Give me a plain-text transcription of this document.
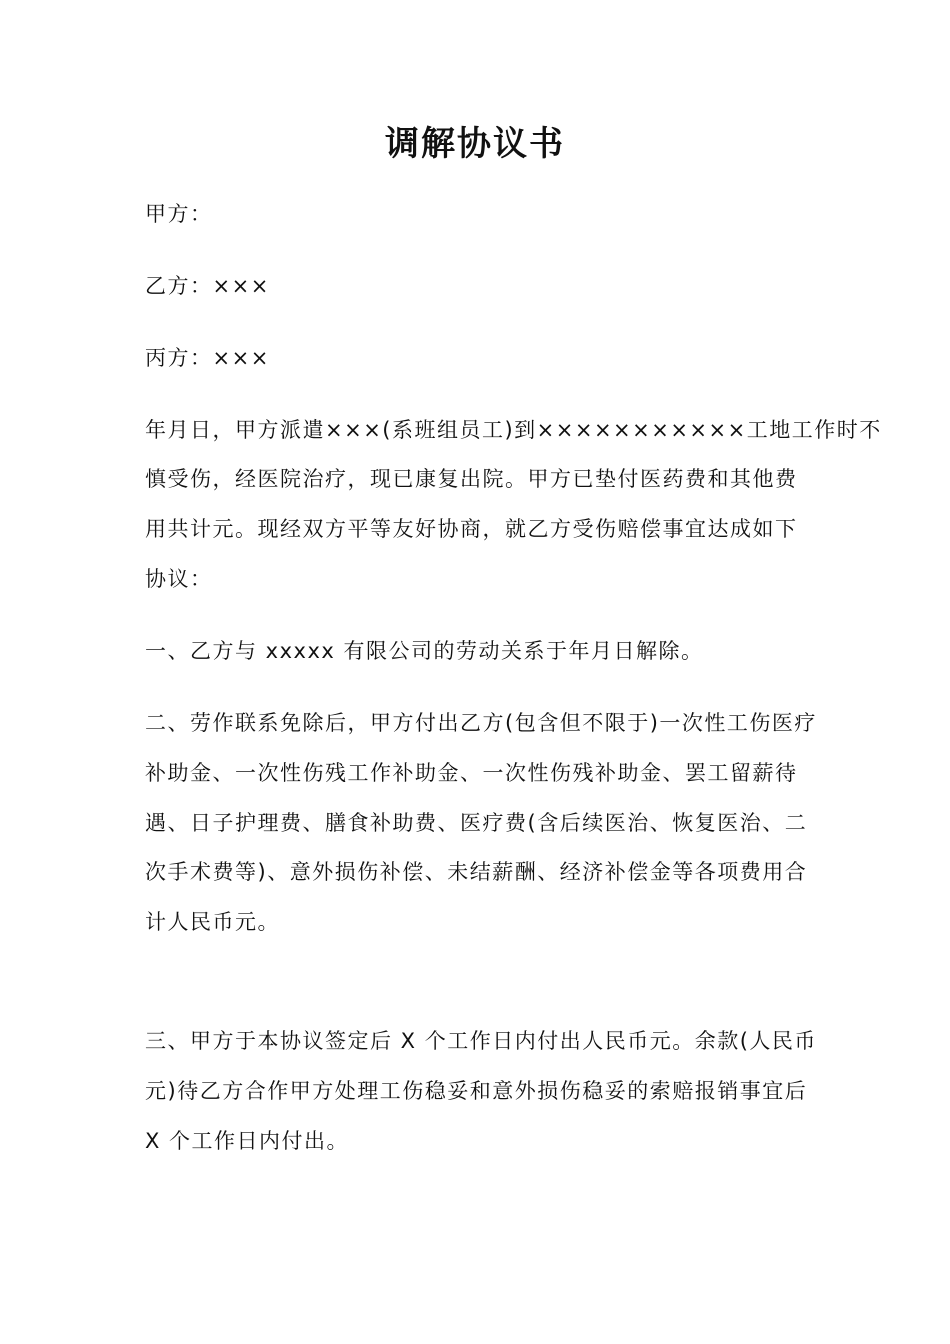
调解协议书
甲方：
乙方：×××
丙方：×××
年月日，甲方派遣×××(系班组员工)到×××××××××××工地工作时不
慎受伤，经医院治疗，现已康复出院。甲方已垫付医药费和其他费
用共计元。现经双方平等友好协商，就乙方受伤赔偿事宜达成如下
协议：
一、乙方与 xxxxx 有限公司的劳动关系于年月日解除。
二、劳作联系免除后，甲方付出乙方(包含但不限于)一次性工伤医疗
补助金、一次性伤残工作补助金、一次性伤残补助金、罢工留薪待
遇、日子护理费、膳食补助费、医疗费(含后续医治、恢复医治、二
次手术费等)、意外损伤补偿、未结薪酬、经济补偿金等各项费用合
计人民币元。
三、甲方于本协议签定后 X 个工作日内付出人民币元。余款(人民币
元)待乙方合作甲方处理工伤稳妥和意外损伤稳妥的索赔报销事宜后
X 个工作日内付出。
